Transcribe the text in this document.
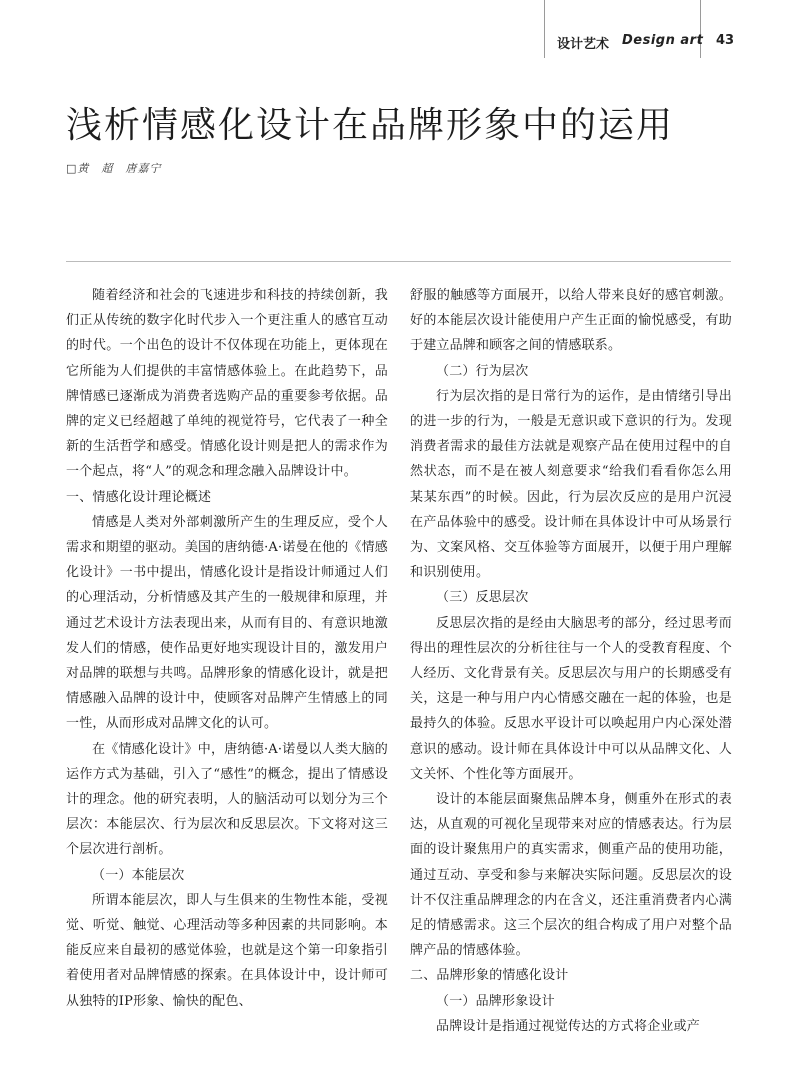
设计艺术 Design art 43
浅析情感化设计在品牌形象中的运用
□黄　超　唐嘉宁

随着经济和社会的飞速进步和科技的持续创新，我们正从传统的数字化时代步入一个更注重人的感官互动的时代。一个出色的设计不仅体现在功能上，更体现在它所能为人们提供的丰富情感体验上。在此趋势下，品牌情感已逐渐成为消费者选购产品的重要参考依据。品牌的定义已经超越了单纯的视觉符号，它代表了一种全新的生活哲学和感受。情感化设计则是把人的需求作为一个起点，将“人”的观念和理念融入品牌设计中。

一、情感化设计理论概述

情感是人类对外部刺激所产生的生理反应，受个人需求和期望的驱动。美国的唐纳德·A·诺曼在他的《情感化设计》一书中提出，情感化设计是指设计师通过人们的心理活动，分析情感及其产生的一般规律和原理，并通过艺术设计方法表现出来，从而有目的、有意识地激发人们的情感，使作品更好地实现设计目的，激发用户对品牌的联想与共鸣。品牌形象的情感化设计，就是把情感融入品牌的设计中，使顾客对品牌产生情感上的同一性，从而形成对品牌文化的认可。

在《情感化设计》中，唐纳德·A·诺曼以人类大脑的运作方式为基础，引入了“感性”的概念，提出了情感设计的理念。他的研究表明，人的脑活动可以划分为三个层次：本能层次、行为层次和反思层次。下文将对这三个层次进行剖析。

（一）本能层次

所谓本能层次，即人与生俱来的生物性本能，受视觉、听觉、触觉、心理活动等多种因素的共同影响。本能反应来自最初的感觉体验，也就是这个第一印象指引着使用者对品牌情感的探索。在具体设计中，设计师可从独特的IP形象、愉快的配色、

舒服的触感等方面展开，以给人带来良好的感官刺激。好的本能层次设计能使用户产生正面的愉悦感受，有助于建立品牌和顾客之间的情感联系。

（二）行为层次

行为层次指的是日常行为的运作，是由情绪引导出的进一步的行为，一般是无意识或下意识的行为。发现消费者需求的最佳方法就是观察产品在使用过程中的自然状态，而不是在被人刻意要求“给我们看看你怎么用某某东西”的时候。因此，行为层次反应的是用户沉浸在产品体验中的感受。设计师在具体设计中可从场景行为、文案风格、交互体验等方面展开，以便于用户理解和识别使用。

（三）反思层次

反思层次指的是经由大脑思考的部分，经过思考而得出的理性层次的分析往往与一个人的受教育程度、个人经历、文化背景有关。反思层次与用户的长期感受有关，这是一种与用户内心情感交融在一起的体验，也是最持久的体验。反思水平设计可以唤起用户内心深处潜意识的感动。设计师在具体设计中可以从品牌文化、人文关怀、个性化等方面展开。

设计的本能层面聚焦品牌本身，侧重外在形式的表达，从直观的可视化呈现带来对应的情感表达。行为层面的设计聚焦用户的真实需求，侧重产品的使用功能，通过互动、享受和参与来解决实际问题。反思层次的设计不仅注重品牌理念的内在含义，还注重消费者内心满足的情感需求。这三个层次的组合构成了用户对整个品牌产品的情感体验。

二、品牌形象的情感化设计

（一）品牌形象设计

品牌设计是指通过视觉传达的方式将企业或产
